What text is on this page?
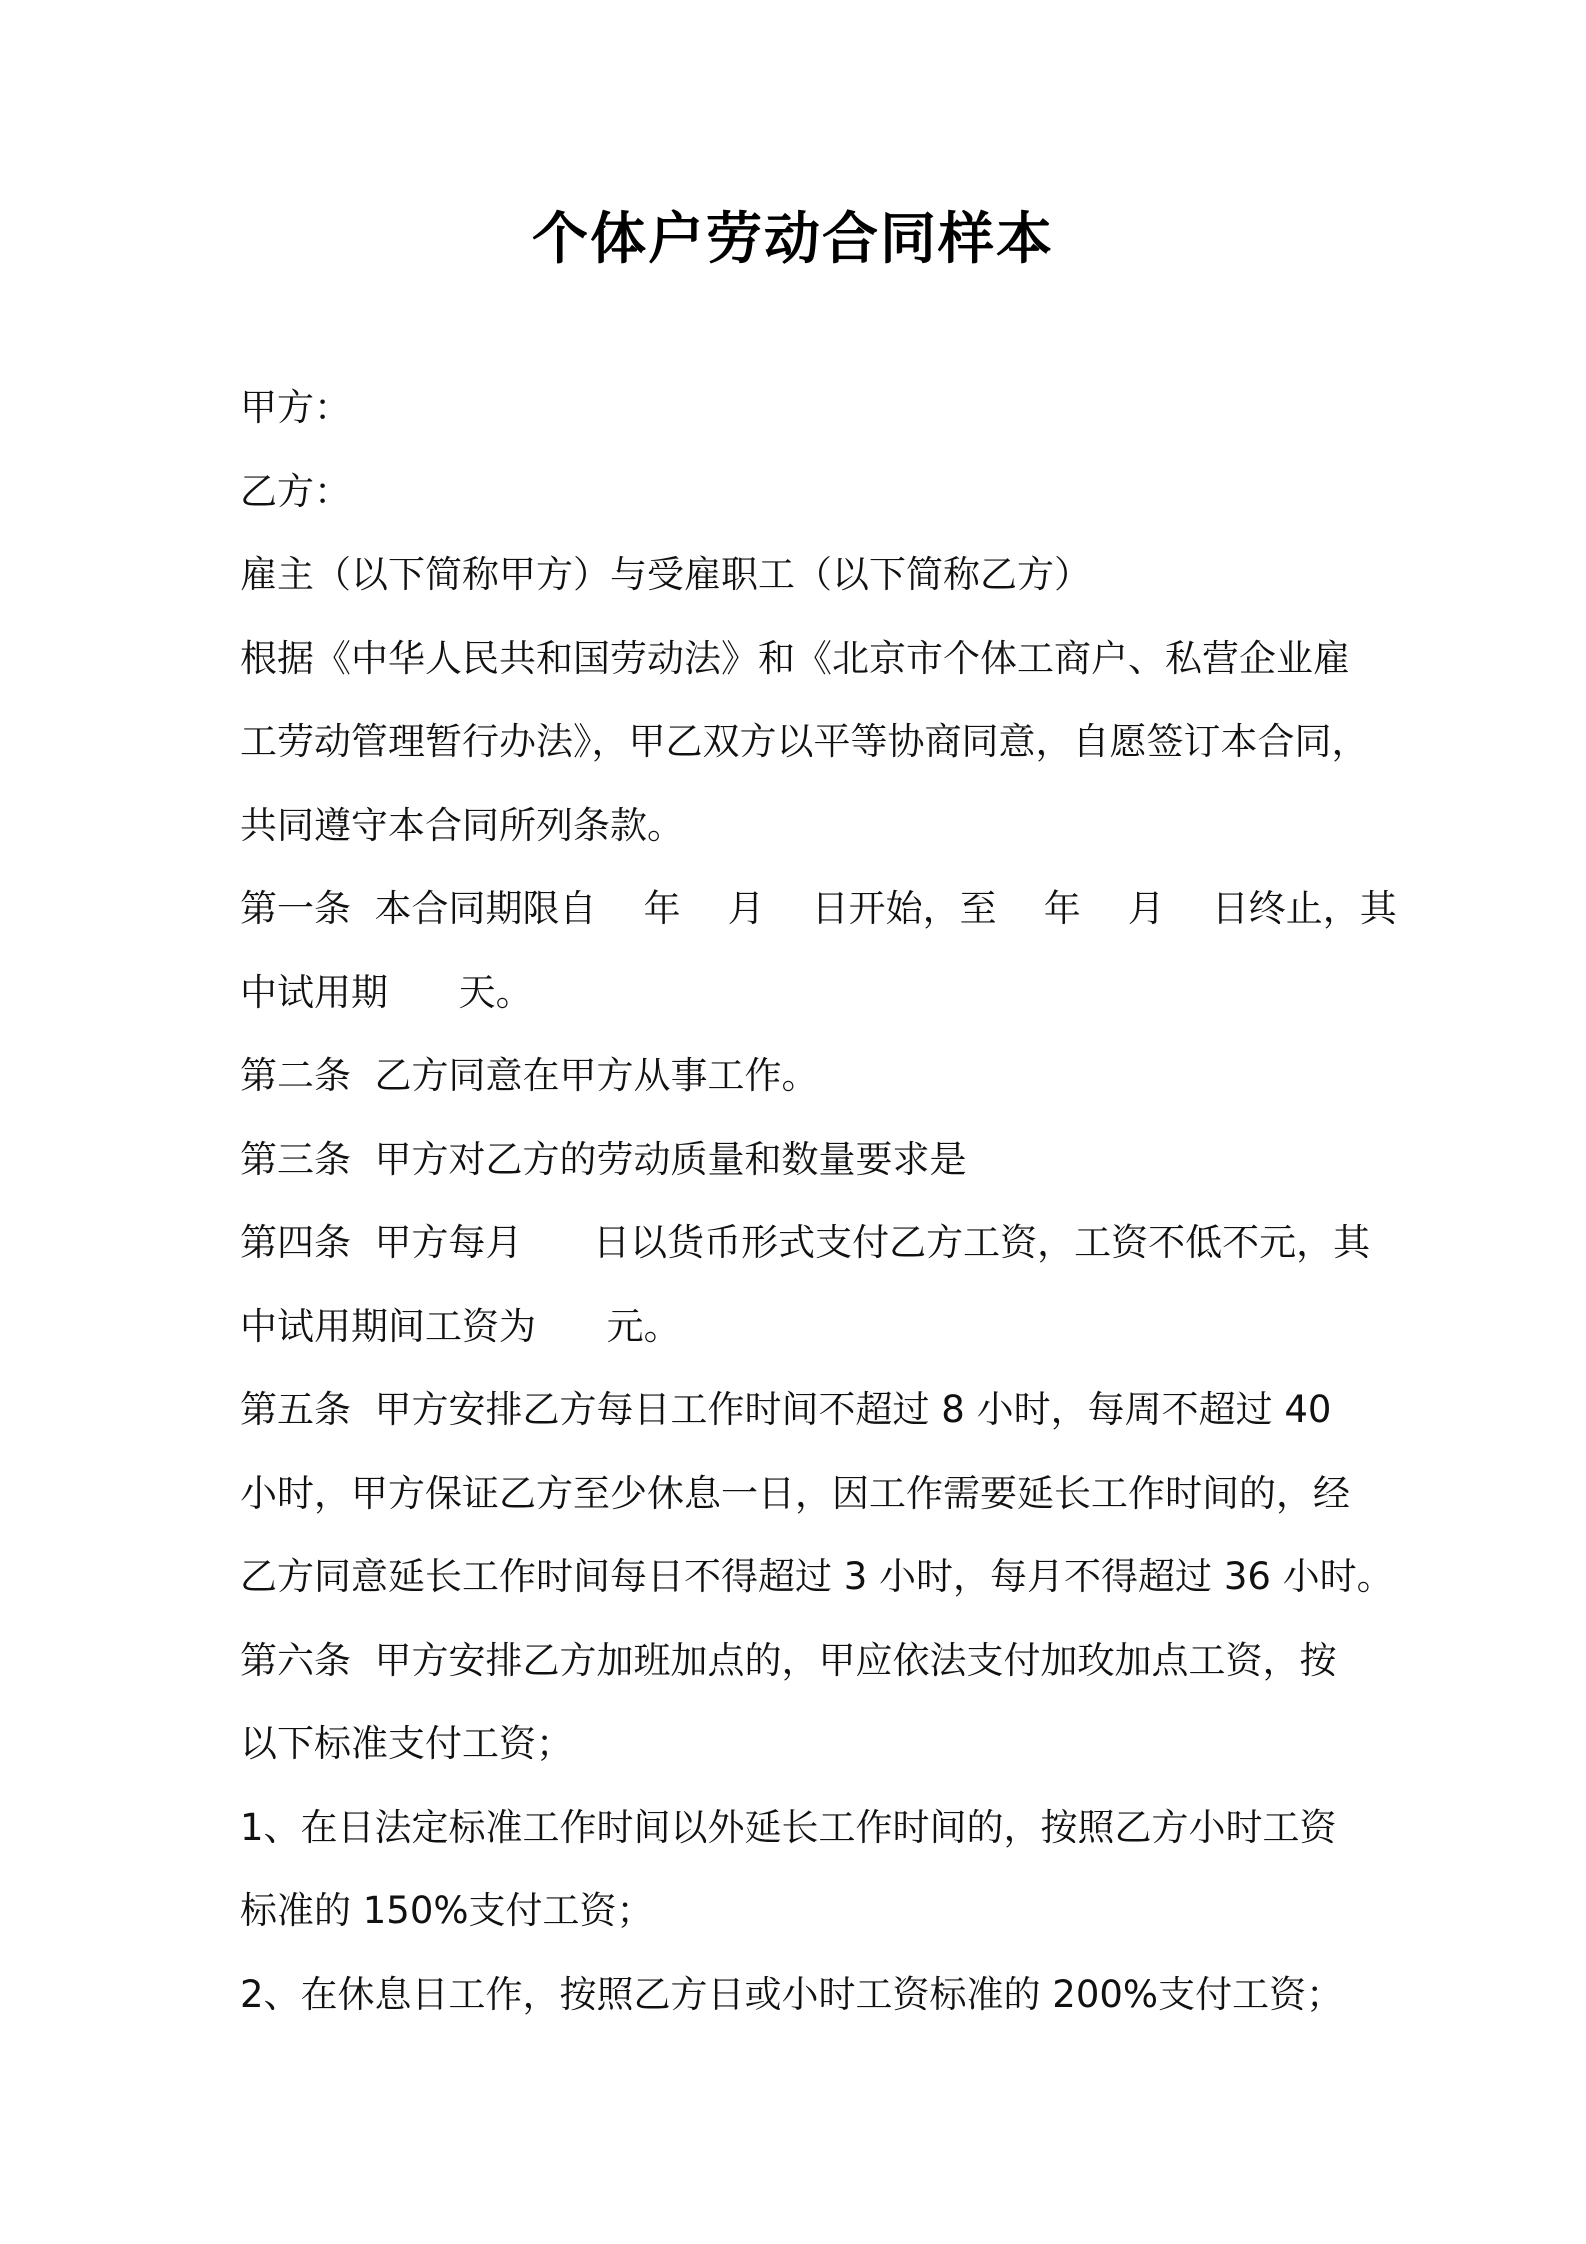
个体户劳动合同样本
甲方：
乙方：
雇主（以下简称甲方）与受雇职工（以下简称乙方）
根据《中华人民共和国劳动法》和《北京市个体工商户、私营企业雇
工劳动管理暂行办法》，甲乙双方以平等协商同意，自愿签订本合同，
共同遵守本合同所列条款。
第一条  本合同期限自    年    月    日开始，至    年    月    日终止，其
中试用期      天。
第二条  乙方同意在甲方从事工作。
第三条  甲方对乙方的劳动质量和数量要求是
第四条  甲方每月      日以货币形式支付乙方工资，工资不低不元，其
中试用期间工资为      元。
第五条  甲方安排乙方每日工作时间不超过 8 小时，每周不超过 40
小时，甲方保证乙方至少休息一日，因工作需要延长工作时间的，经
乙方同意延长工作时间每日不得超过 3 小时，每月不得超过 36 小时。
第六条  甲方安排乙方加班加点的，甲应依法支付加玫加点工资，按
以下标准支付工资；
1、在日法定标准工作时间以外延长工作时间的，按照乙方小时工资
标准的 150%支付工资；
2、在休息日工作，按照乙方日或小时工资标准的 200%支付工资；
